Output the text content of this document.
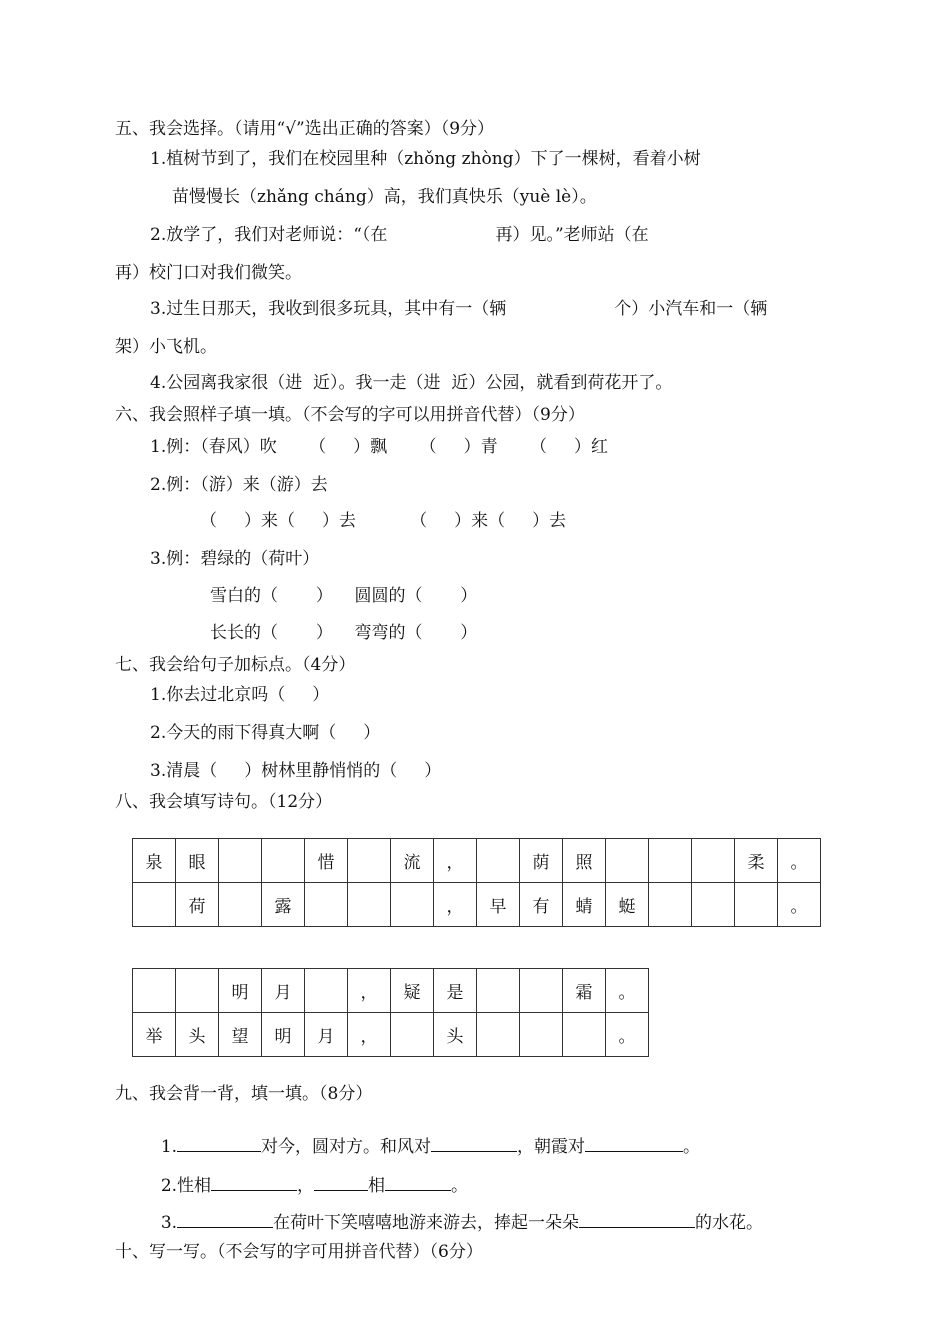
五、我会选择。（请用“√”选出正确的答案）（9分）
1.植树节到了，我们在校园里种（zhǒng zhòng）下了一棵树，看着小树
苗慢慢长（zhǎng cháng）高，我们真快乐（yuè lè）。
2.放学了，我们对老师说：“（在                    再）见。”老师站（在
再）校门口对我们微笑。
3.过生日那天，我收到很多玩具，其中有一（辆                    个）小汽车和一（辆
架）小飞机。
4.公园离我家很（进  近）。我一走（进  近）公园，就看到荷花开了。
六、我会照样子填一填。（不会写的字可以用拼音代替）（9分）
1.例：（春风）吹      （     ）飘      （     ）青      （     ）红
2.例：（游）来（游）去
（     ）来（     ）去          （     ）来（     ）去
3.例：碧绿的（荷叶）
雪白的（       ）    圆圆的（       ）
长长的（       ）    弯弯的（       ）
七、我会给句子加标点。（4分）
1.你去过北京吗（     ）
2.今天的雨下得真大啊（     ）
3.清晨（     ）树林里静悄悄的（     ）
八、我会填写诗句。（12分）
泉	眼			惜		流	，		荫	照				柔	。
	荷		露				，	早	有	蜻	蜓				。
		明	月		，	疑	是			霜	。
举	头	望	明	月	，		头				。
九、我会背一背，填一填。（8分）

1.	对今，圆对方。和风对	，朝霞对	。

2.性相	，	相	。

3.	在荷叶下笑嘻嘻地游来游去，捧起一朵朵	的水花。

十、写一写。（不会写的字可用拼音代替）（6分）
